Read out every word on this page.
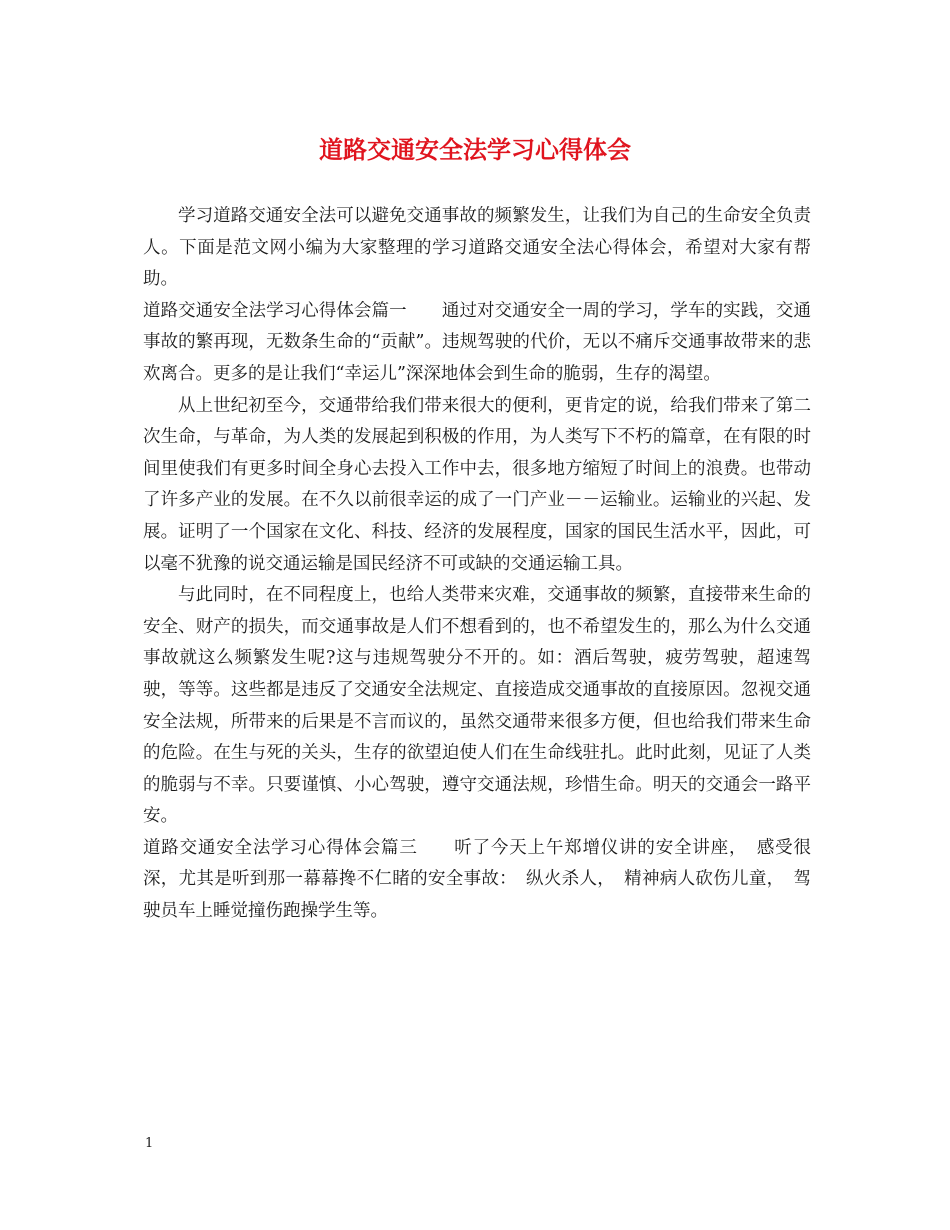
道路交通安全法学习心得体会

学习道路交通安全法可以避免交通事故的频繁发生，让我们为自己的生命安全负责人。下面是范文网小编为大家整理的学习道路交通安全法心得体会，希望对大家有帮助。

道路交通安全法学习心得体会篇一　　通过对交通安全一周的学习，学车的实践，交通事故的繁再现，无数条生命的“贡献”。违规驾驶的代价，无以不痛斥交通事故带来的悲欢离合。更多的是让我们“幸运儿”深深地体会到生命的脆弱，生存的渴望。

从上世纪初至今，交通带给我们带来很大的便利，更肯定的说，给我们带来了第二次生命，与革命，为人类的发展起到积极的作用，为人类写下不朽的篇章，在有限的时间里使我们有更多时间全身心去投入工作中去，很多地方缩短了时间上的浪费。也带动了许多产业的发展。在不久以前很幸运的成了一门产业－－运输业。运输业的兴起、发展。证明了一个国家在文化、科技、经济的发展程度，国家的国民生活水平，因此，可以毫不犹豫的说交通运输是国民经济不可或缺的交通运输工具。

与此同时，在不同程度上，也给人类带来灾难，交通事故的频繁，直接带来生命的安全、财产的损失，而交通事故是人们不想看到的，也不希望发生的，那么为什么交通事故就这么频繁发生呢?这与违规驾驶分不开的。如：酒后驾驶，疲劳驾驶，超速驾驶，等等。这些都是违反了交通安全法规定、直接造成交通事故的直接原因。忽视交通安全法规，所带来的后果是不言而议的，虽然交通带来很多方便，但也给我们带来生命的危险。在生与死的关头，生存的欲望迫使人们在生命线驻扎。此时此刻，见证了人类的脆弱与不幸。只要谨慎、小心驾驶，遵守交通法规，珍惜生命。明天的交通会一路平安。

道路交通安全法学习心得体会篇三　　听了今天上午郑增仪讲的安全讲座，　感受很深，尤其是听到那一幕幕搀不仁睹的安全事故：　纵火杀人，　精神病人砍伤儿童，　驾驶员车上睡觉撞伤跑操学生等。

1
